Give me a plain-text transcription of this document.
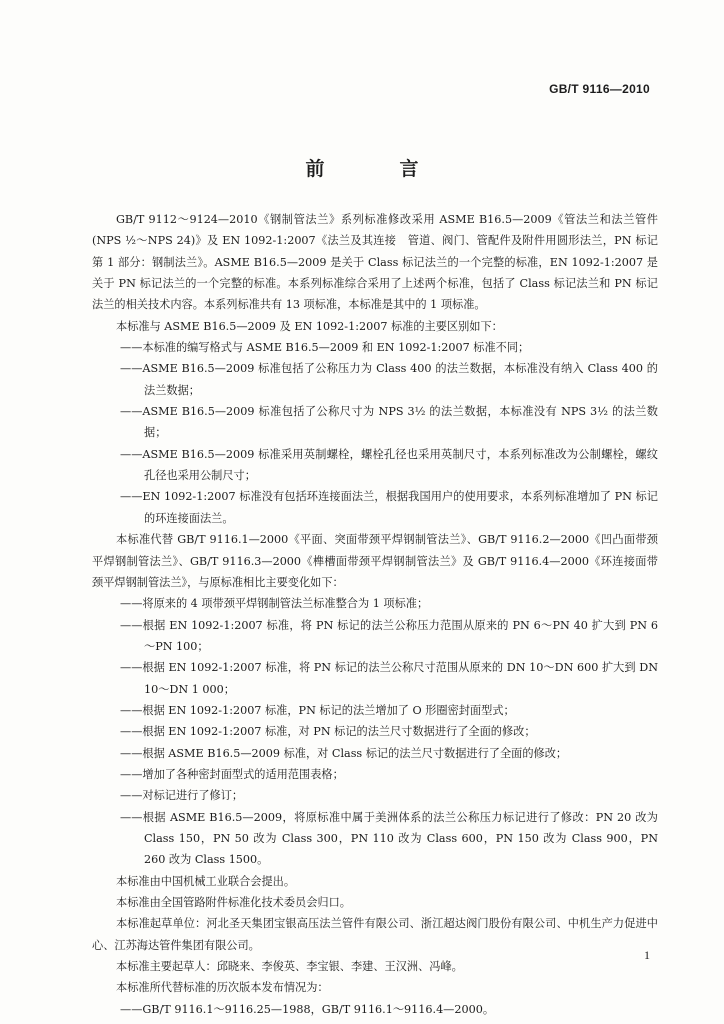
GB/T 9116—2010
前　言

GB/T 9112～9124—2010《钢制管法兰》系列标准修改采用 ASME B16.5—2009《管法兰和法兰管件(NPS ½～NPS 24)》及 EN 1092-1:2007《法兰及其连接　管道、阀门、管配件及附件用圆形法兰，PN 标记　第 1 部分：钢制法兰》。ASME B16.5—2009 是关于 Class 标记法兰的一个完整的标准，EN 1092-1:2007 是关于 PN 标记法兰的一个完整的标准。本系列标准综合采用了上述两个标准，包括了 Class 标记法兰和 PN 标记法兰的相关技术内容。本系列标准共有 13 项标准，本标准是其中的 1 项标准。

本标准与 ASME B16.5—2009 及 EN 1092-1:2007 标准的主要区别如下：

——本标准的编写格式与 ASME B16.5—2009 和 EN 1092-1:2007 标准不同；

——ASME B16.5—2009 标准包括了公称压力为 Class 400 的法兰数据，本标准没有纳入 Class 400 的法兰数据；

——ASME B16.5—2009 标准包括了公称尺寸为 NPS 3½ 的法兰数据，本标准没有 NPS 3½ 的法兰数据；

——ASME B16.5—2009 标准采用英制螺栓，螺栓孔径也采用英制尺寸，本系列标准改为公制螺栓，螺纹孔径也采用公制尺寸；

——EN 1092-1:2007 标准没有包括环连接面法兰，根据我国用户的使用要求，本系列标准增加了 PN 标记的环连接面法兰。

本标准代替 GB/T 9116.1—2000《平面、突面带颈平焊钢制管法兰》、GB/T 9116.2—2000《凹凸面带颈平焊钢制管法兰》、GB/T 9116.3—2000《榫槽面带颈平焊钢制管法兰》及 GB/T 9116.4—2000《环连接面带颈平焊钢制管法兰》，与原标准相比主要变化如下：

——将原来的 4 项带颈平焊钢制管法兰标准整合为 1 项标准；

——根据 EN 1092-1:2007 标准，将 PN 标记的法兰公称压力范围从原来的 PN 6～PN 40 扩大到 PN 6～PN 100；

——根据 EN 1092-1:2007 标准，将 PN 标记的法兰公称尺寸范围从原来的 DN 10～DN 600 扩大到 DN 10～DN 1 000；

——根据 EN 1092-1:2007 标准，PN 标记的法兰增加了 O 形圈密封面型式；

——根据 EN 1092-1:2007 标准，对 PN 标记的法兰尺寸数据进行了全面的修改；

——根据 ASME B16.5—2009 标准，对 Class 标记的法兰尺寸数据进行了全面的修改；

——增加了各种密封面型式的适用范围表格；

——对标记进行了修订；

——根据 ASME B16.5—2009，将原标准中属于美洲体系的法兰公称压力标记进行了修改：PN 20 改为 Class 150，PN 50 改为 Class 300，PN 110 改为 Class 600，PN 150 改为 Class 900，PN 260 改为 Class 1500。

本标准由中国机械工业联合会提出。

本标准由全国管路附件标准化技术委员会归口。

本标准起草单位：河北圣天集团宝银高压法兰管件有限公司、浙江超达阀门股份有限公司、中机生产力促进中心、江苏海达管件集团有限公司。

本标准主要起草人：邱晓来、李俊英、李宝银、李建、王汉洲、冯峰。

本标准所代替标准的历次版本发布情况为：

——GB/T 9116.1～9116.25—1988，GB/T 9116.1～9116.4—2000。

1
